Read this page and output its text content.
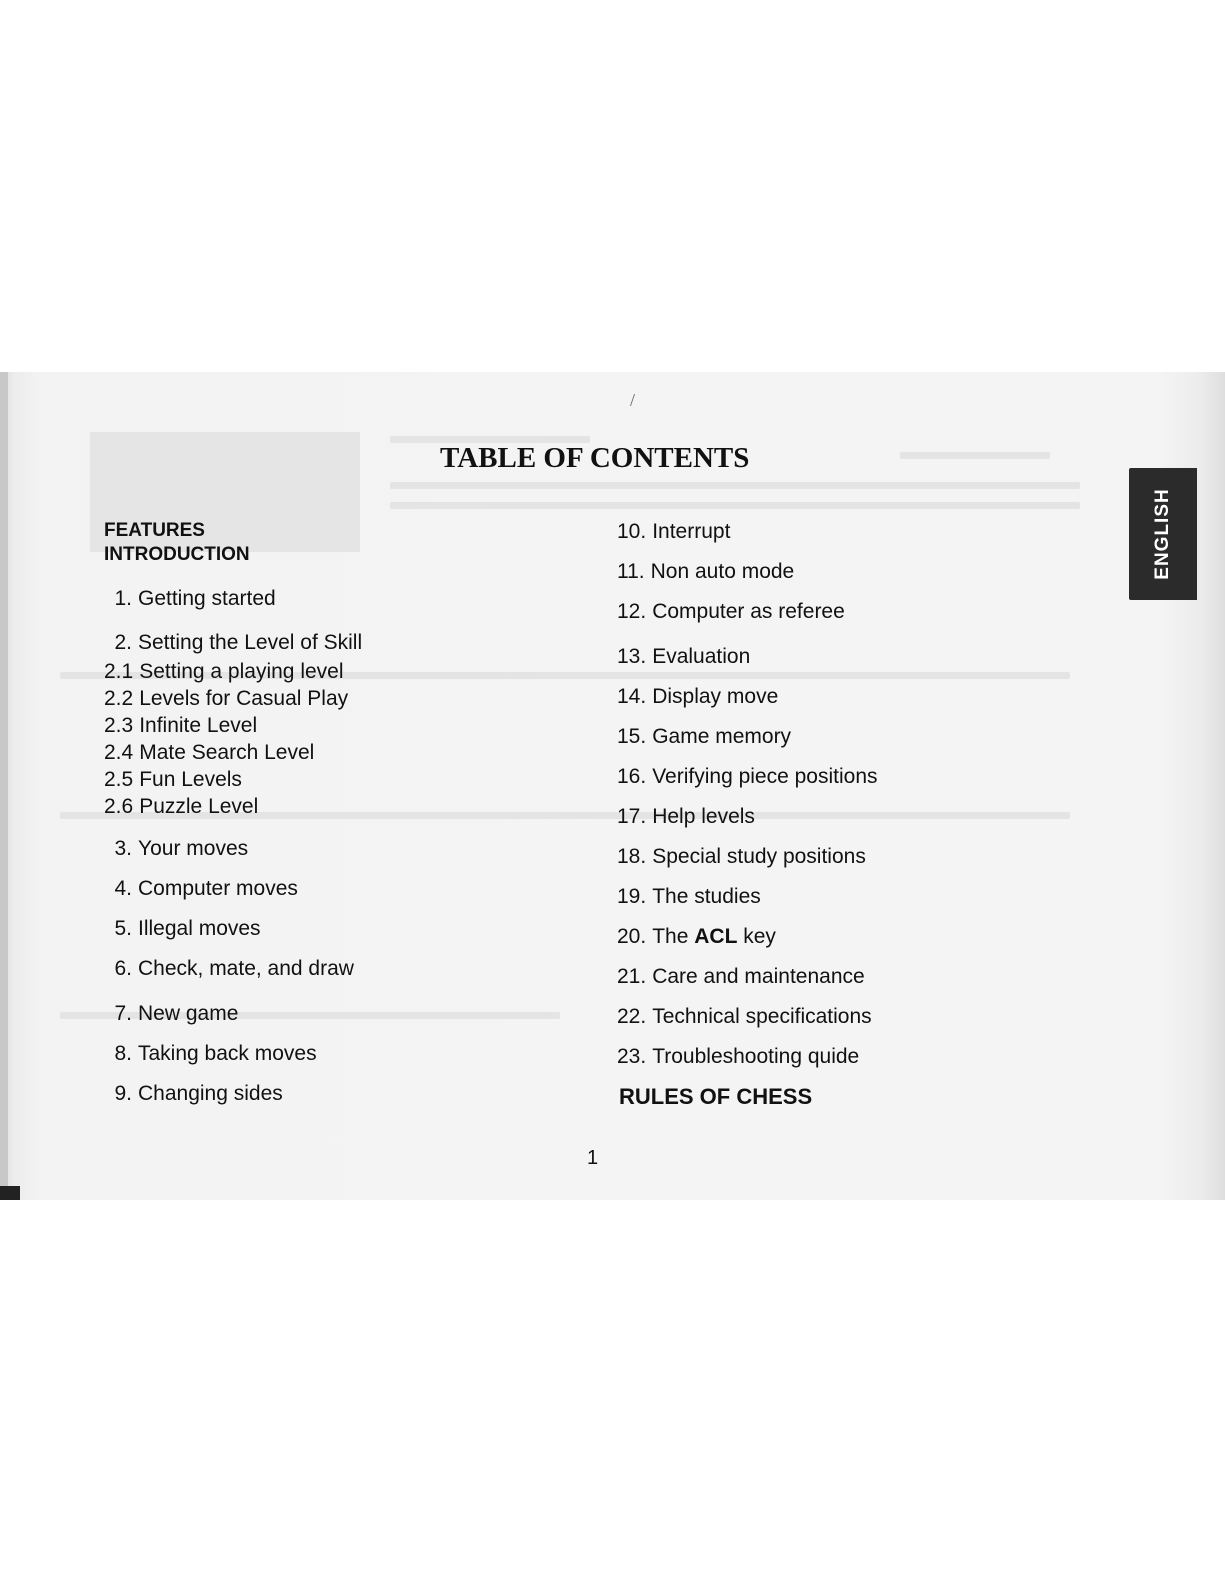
/
TABLE OF CONTENTS
ENGLISH
FEATURES
INTRODUCTION
1. Getting started
2. Setting the Level of Skill
2.1 Setting a playing level
2.2 Levels for Casual Play
2.3 Infinite Level
2.4 Mate Search Level
2.5 Fun Levels
2.6 Puzzle Level
3. Your moves
4. Computer moves
5. Illegal moves
6. Check, mate, and draw
7. New game
8. Taking back moves
9. Changing sides
10. Interrupt
11. Non auto mode
12. Computer as referee
13. Evaluation
14. Display move
15. Game memory
16. Verifying piece positions
17. Help levels
18. Special study positions
19. The studies
20. The ACL key
21. Care and maintenance
22. Technical specifications
23. Troubleshooting quide
RULES OF CHESS
1
